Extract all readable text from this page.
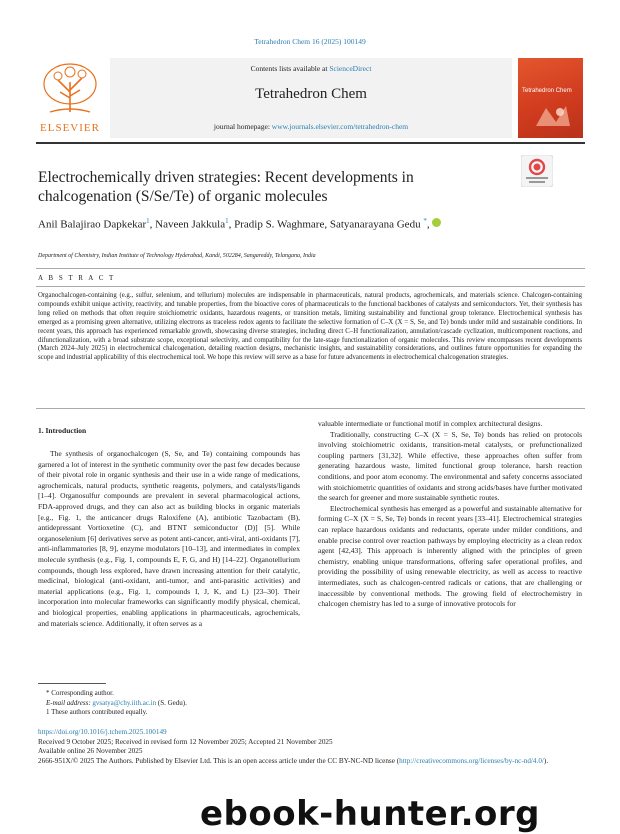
Tetrahedron Chem 16 (2025) 100149
ELSEVIER
Contents lists available at ScienceDirect
Tetrahedron Chem
journal homepage: www.journals.elsevier.com/tetrahedron-chem
Tetrahedron Chem
Electrochemically driven strategies: Recent developments in chalcogenation (S/Se/Te) of organic molecules
Anil Balajirao Dapkekar$^1$, Naveen Jakkula$^1$, Pradip S. Waghmare, Satyanarayana Gedu *,
Department of Chemistry, Indian Institute of Technology Hyderabad, Kandi, 502284, Sangareddy, Telangana, India
A B S T R A C T
Organochalcogen-containing (e.g., sulfur, selenium, and tellurium) molecules are indispensable in pharmaceuticals, natural products, agrochemicals, and materials science. Chalcogen-containing compounds exhibit unique activity, reactivity, and tunable properties, from the bioactive cores of pharmaceuticals to the functional backbones of catalysts and semiconductors. Yet, their synthesis has long relied on methods that often require stoichiometric oxidants, hazardous reagents, or transition metals, limiting sustainability and functional group tolerance. Electrochemical synthesis has emerged as a promising green alternative, utilizing electrons as traceless redox agents to facilitate the selective formation of C–X (X = S, Se, and Te) bonds under mild and sustainable conditions. In recent years, this approach has experienced remarkable growth, showcasing diverse strategies, including direct C–H functionalization, annulation/cascade cyclization, multicomponent reactions, and difunctionalization, with a broad substrate scope, exceptional selectivity, and compatibility for the late-stage functionalization of organic molecules. This review encompasses recent developments (March 2024–July 2025) in electrochemical chalcogenation, detailing reaction designs, mechanistic insights, and sustainability considerations, and outlines future opportunities for expanding the scope and industrial applicability of this electrochemical tool. We hope this review will serve as a base for future advancements in electrochemical chalcogenation strategies.
1. Introduction

The synthesis of organochalcogen (S, Se, and Te) containing compounds has garnered a lot of interest in the synthetic community over the past few decades because of their pivotal role in organic synthesis and their use in a wide range of medications, agrochemicals, natural products, synthetic reagents, polymers, and catalysts/ligands [1–4]. Organosulfur compounds are prevalent in several pharmacological actions, FDA-approved drugs, and they can also act as building blocks in organic materials [e.g., Fig. 1, the anticancer drugs Raloxifene (A), antibiotic Tazobactam (B), antidepressant Vortioxetine (C), and BTNT semiconductor (D)] [5]. While organoselenium [6] derivatives serve as potent anti-cancer, anti-viral, anti-oxidants [7], anti-inflammatories [8, 9], enzyme modulators [10–13], and intermediates in complex molecule synthesis (e.g., Fig. 1, compounds E, F, G, and H) [14–22]. Organotellurium compounds, though less explored, have drawn increasing attention for their catalytic, medicinal, biological (anti-oxidant, anti-tumor, and anti-parasitic activities) and material applications (e.g., Fig. 1, compounds I, J, K, and L) [23–30]. Their incorporation into molecular frameworks can significantly modify physical, chemical, and biological properties, enabling applications in pharmaceuticals, agrochemicals, and materials science. Additionally, it often serves as a

valuable intermediate or functional motif in complex architectural designs.

Traditionally, constructing C–X (X = S, Se, Te) bonds has relied on protocols involving stoichiometric oxidants, transition-metal catalysts, or prefunctionalized coupling partners [31,32]. While effective, these approaches often suffer from generating hazardous waste, limited functional group tolerance, harsh reaction conditions, and poor atom economy. The environmental and safety concerns associated with stoichiometric quantities of oxidants and strong acids/bases have further motivated the search for greener and more sustainable synthetic routes.

Electrochemical synthesis has emerged as a powerful and sustainable alternative for forming C–X (X = S, Se, Te) bonds in recent years [33–41]. Electrochemical strategies can replace hazardous oxidants and reductants, operate under milder conditions, and enable precise control over reaction pathways by employing electricity as a clean redox agent [42,43]. This approach is inherently aligned with the principles of green chemistry, enabling unique transformations, offering safer operational profiles, and providing the possibility of using renewable electricity, as well as access to reactive intermediates, such as chalcogen-centred radicals or cations, that are challenging or inaccessible by conventional methods. The growing field of electrochemistry in chalcogen chemistry has led to a surge of innovative protocols for

* Corresponding author.
E-mail address: gvsatya@chy.iith.ac.in (S. Gedu).
1 These authors contributed equally.
https://doi.org/10.1016/j.tchem.2025.100149
Received 9 October 2025; Received in revised form 12 November 2025; Accepted 21 November 2025
Available online 26 November 2025
2666-951X/© 2025 The Authors. Published by Elsevier Ltd. This is an open access article under the CC BY-NC-ND license (http://creativecommons.org/licenses/by-nc-nd/4.0/).
ebook-hunter.org
